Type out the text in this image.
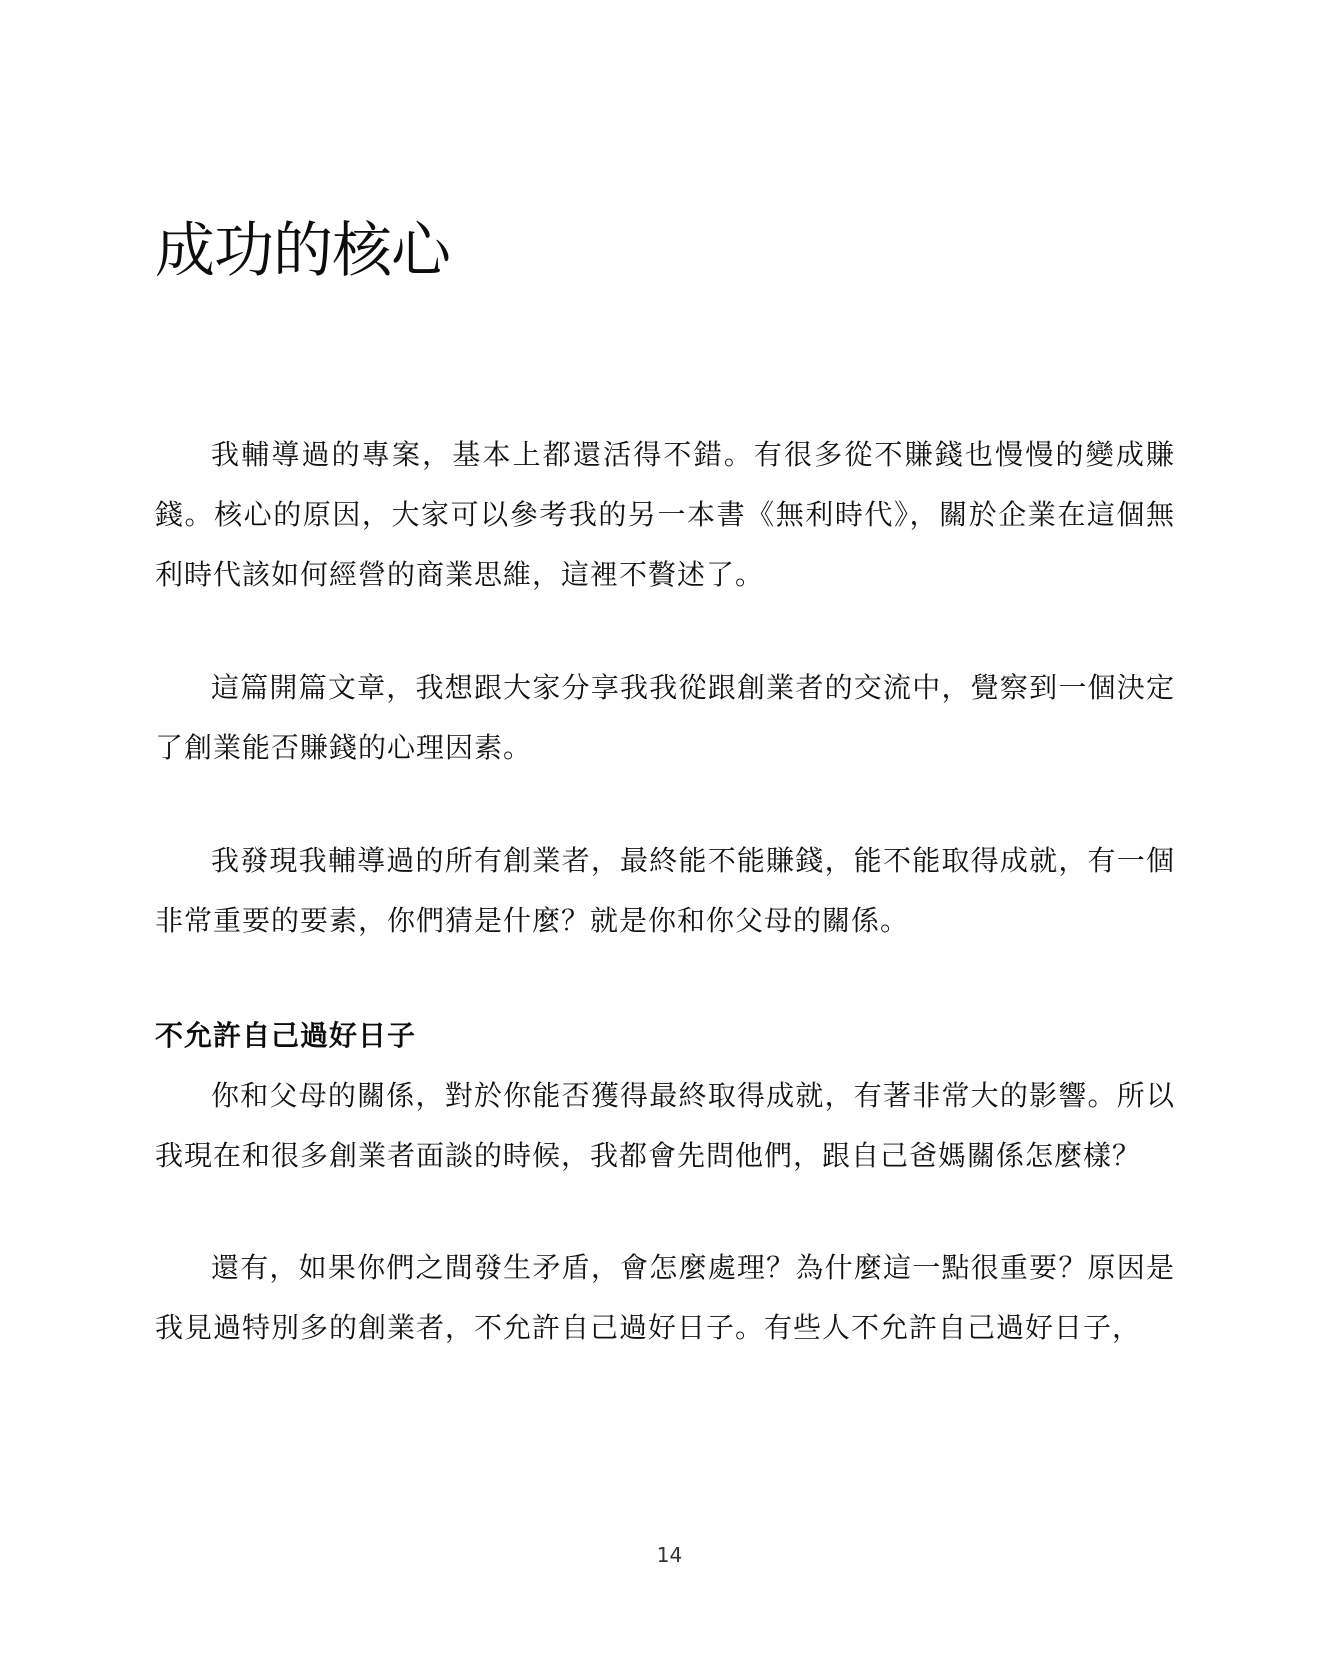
成功的核心

我輔導過的專案，基本上都還活得不錯。有很多從不賺錢也慢慢的變成賺錢。核心的原因，大家可以參考我的另一本書《無利時代》，關於企業在這個無利時代該如何經營的商業思維，這裡不贅述了。

這篇開篇文章，我想跟大家分享我我從跟創業者的交流中，覺察到一個決定了創業能否賺錢的心理因素。

我發現我輔導過的所有創業者，最終能不能賺錢，能不能取得成就，有一個非常重要的要素，你們猜是什麼？就是你和你父母的關係。

不允許自己過好日子

你和父母的關係，對於你能否獲得最終取得成就，有著非常大的影響。所以我現在和很多創業者面談的時候，我都會先問他們，跟自己爸媽關係怎麼樣？

還有，如果你們之間發生矛盾，會怎麼處理？為什麼這一點很重要？原因是我見過特別多的創業者，不允許自己過好日子。有些人不允許自己過好日子，

14
